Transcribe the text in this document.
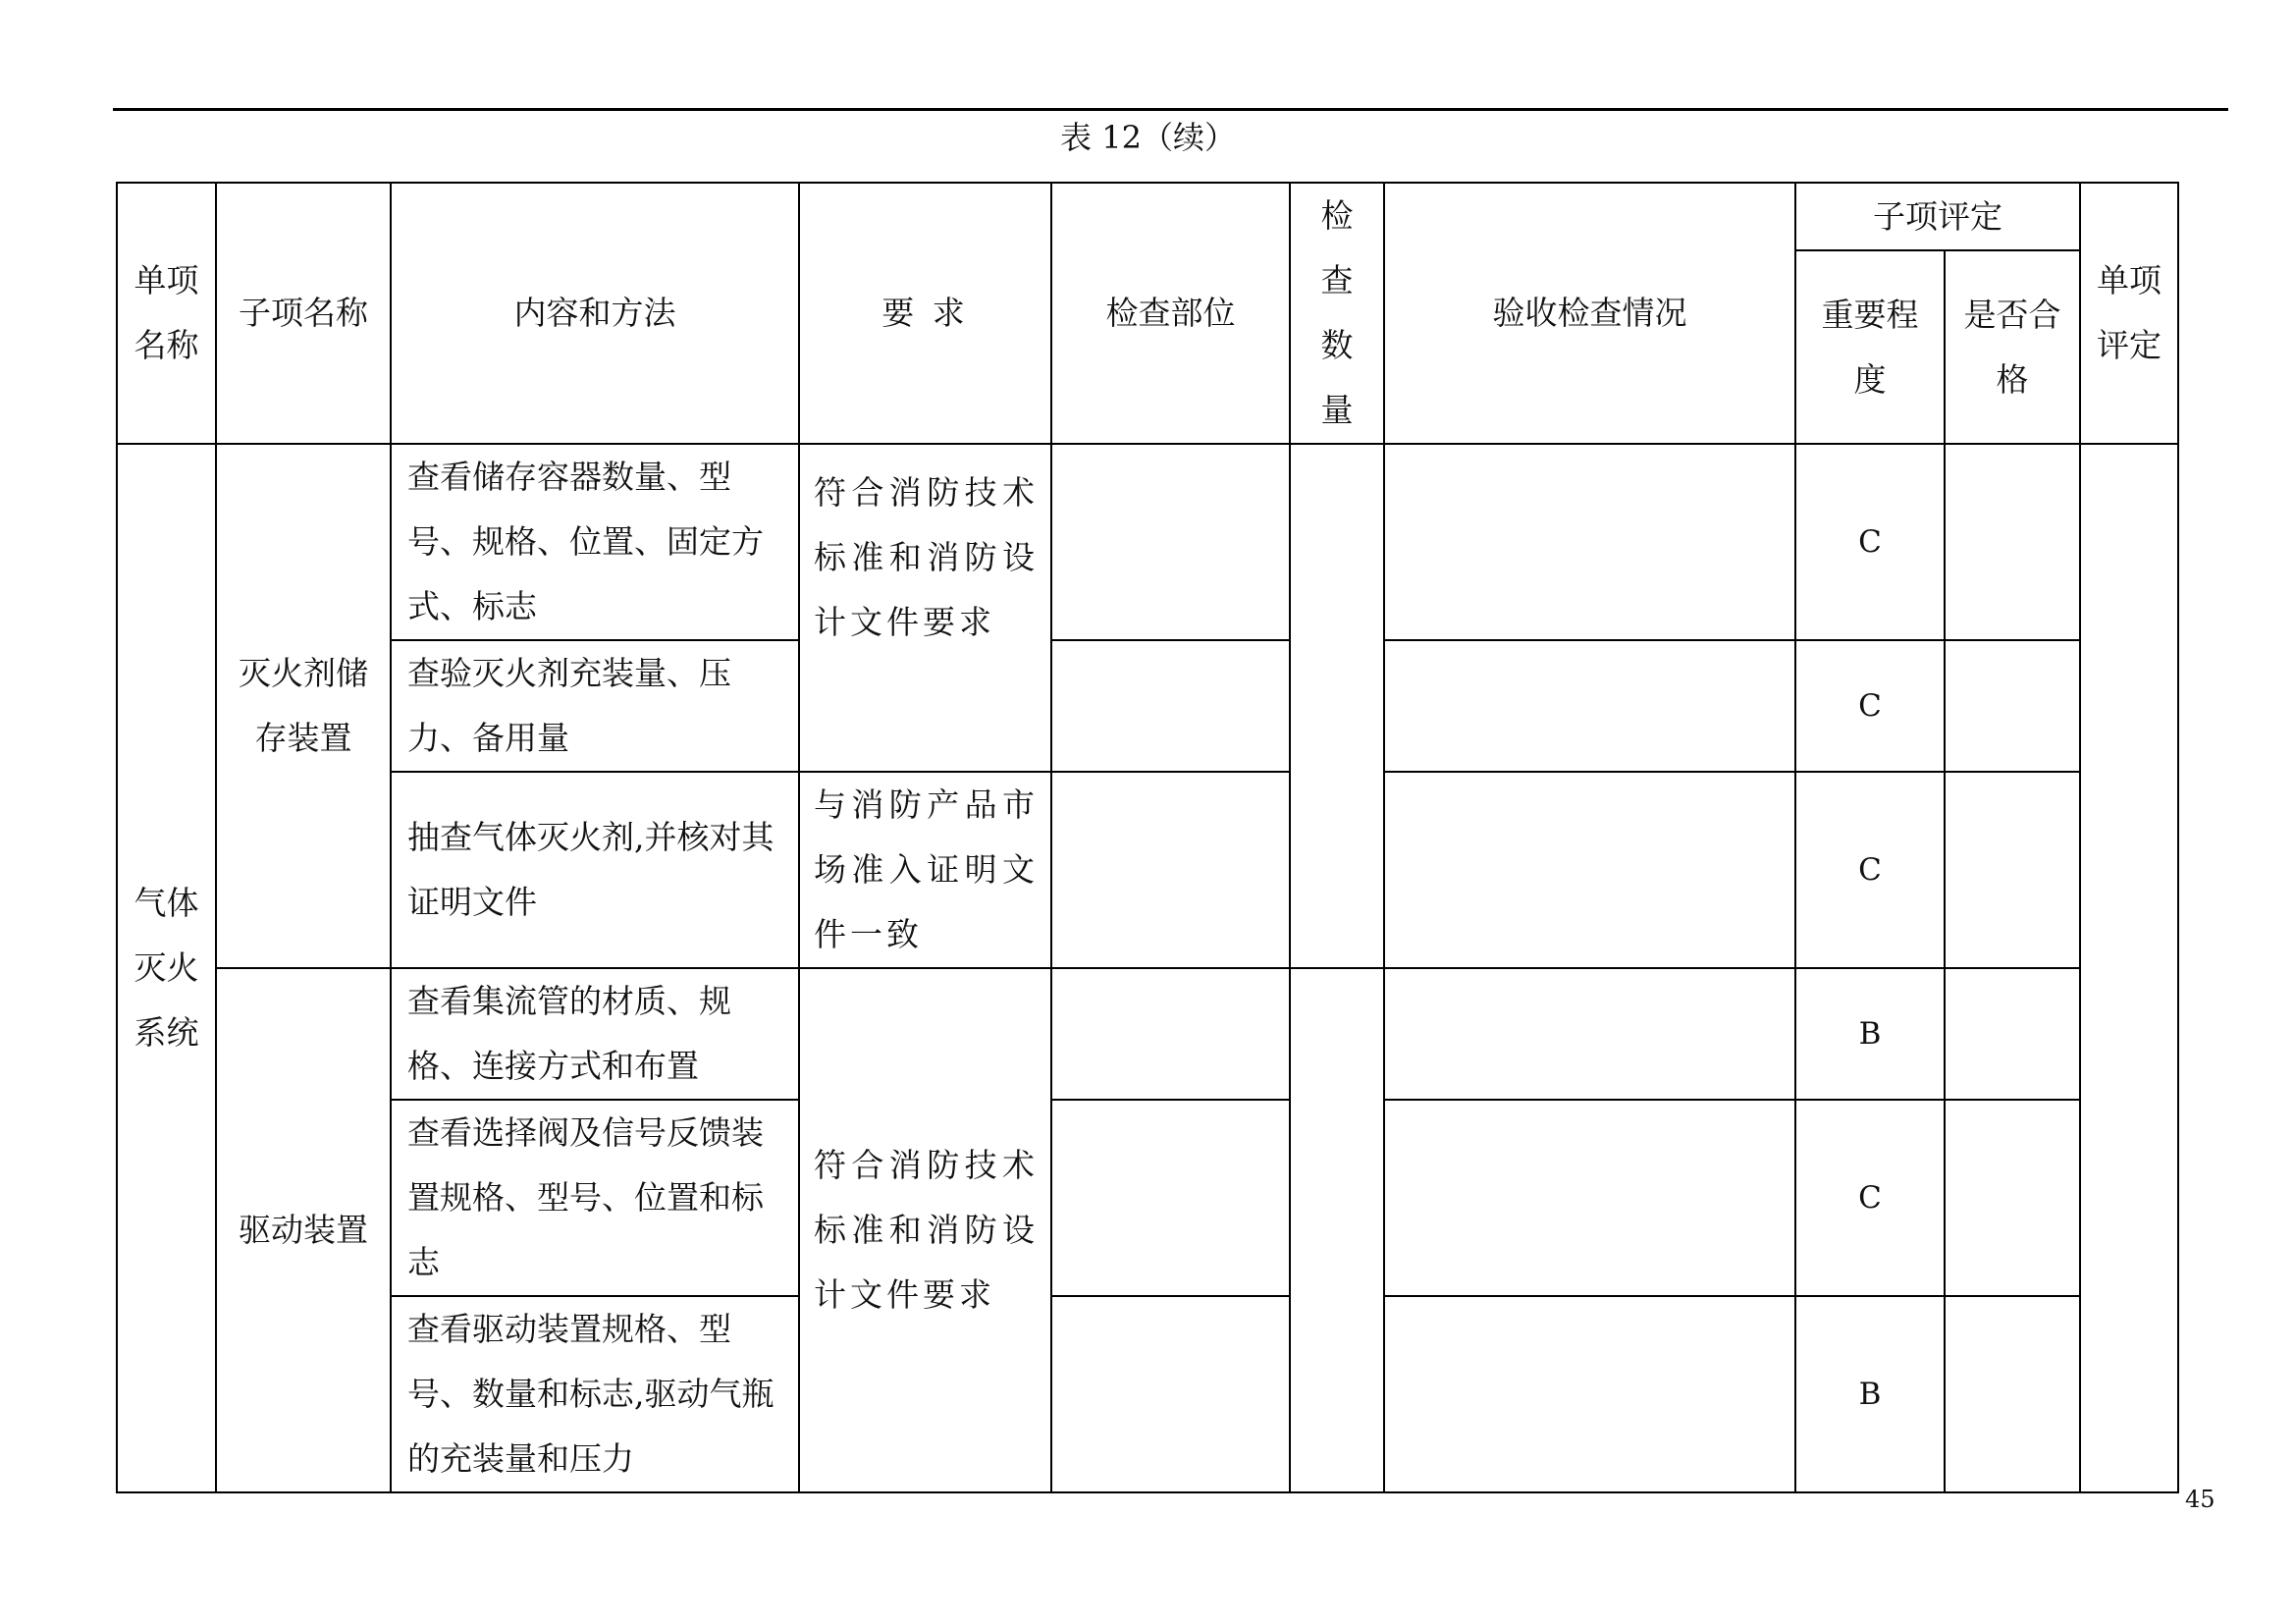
表 12（续）
单项名称	子项名称	内容和方法	要 求	检查部位	检查数量	验收检查情况	子项评定		单项评定

							重要程度	是否合格	

气体灭火系统	灭火剂储存装置	查看储存容器数量、型号、规格、位置、固定方式、标志	符合消防技术标准和消防设计文件要求				C		
		查验灭火剂充装量、压力、备用量					C		
		抽查气体灭火剂,并核对其证明文件	与消防产品市场准入证明文件一致				C		
	驱动装置	查看集流管的材质、规格、连接方式和布置	符合消防技术标准和消防设计文件要求				B		
		查看选择阀及信号反馈装置规格、型号、位置和标志					C		
		查看驱动装置规格、型号、数量和标志,驱动气瓶的充装量和压力					B		
45
